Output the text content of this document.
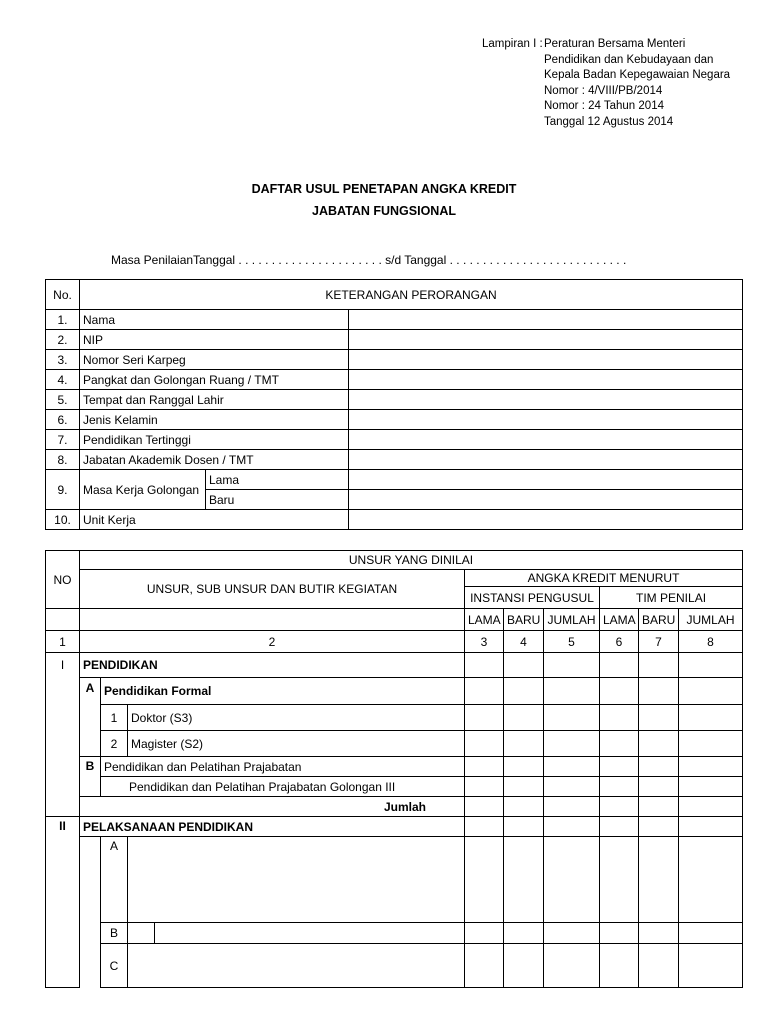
Lampiran I : Peraturan Bersama Menteri
Pendidikan dan Kebudayaan dan
Kepala Badan Kepegawaian Negara
Nomor : 4/VIII/PB/2014
Nomor : 24 Tahun 2014
Tanggal 12 Agustus 2014
DAFTAR USUL PENETAPAN ANGKA KREDIT
JABATAN FUNGSIONAL
Masa PenilaianTanggal . . . . . . . . . . . . . . . . . . . . . . s/d Tanggal . . . . . . . . . . . . . . . . . . . . . . . . . . .
No.	KETERANGAN PERORANGAN		
1.	Nama		
2.	NIP		
3.	Nomor Seri Karpeg		
4.	Pangkat dan Golongan Ruang / TMT		
5.	Tempat dan Ranggal Lahir		
6.	Jenis Kelamin		
7.	Pendidikan Tertinggi		
8.	Jabatan Akademik Dosen / TMT		
9.	Masa Kerja Golongan	Lama	
		Baru	
10.	Unit Kerja		
NO	UNSUR YANG DINILAI								
	UNSUR, SUB UNSUR DAN BUTIR KEGIATAN			ANGKA KREDIT MENURUT					
				INSTANSI PENGUSUL			TIM PENILAI		
				LAMA	BARU	JUMLAH	LAMA	BARU	JUMLAH
1	2			3	4	5	6	7	8
I	PENDIDIKAN								
	A	Pendidikan Formal							
		1	Doktor (S3)						
		2	Magister (S2)						
	B	Pendidikan dan Pelatihan Prajabatan							
		Pendidikan dan Pelatihan Prajabatan Golongan III							
	Jumlah								
II	PELAKSANAAN PENDIDIKAN								
		A							
		B	

		C							
